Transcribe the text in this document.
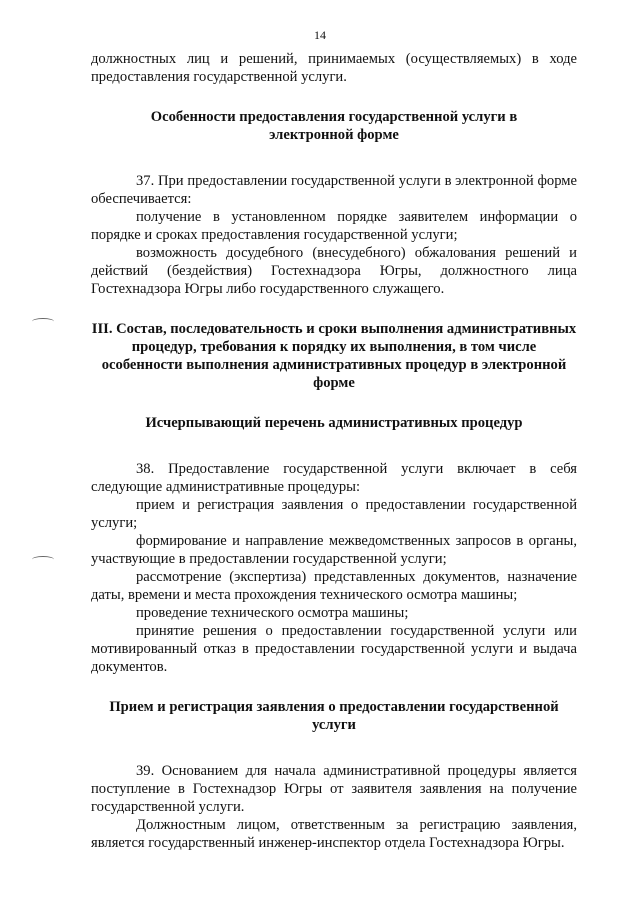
14

должностных лиц и решений, принимаемых (осуществляемых) в ходе предоставления государственной услуги.

Особенности предоставления государственной услуги в электронной форме

37. При предоставлении государственной услуги в электронной форме обеспечивается:

получение в установленном порядке заявителем информации о порядке и сроках предоставления государственной услуги;

возможность досудебного (внесудебного) обжалования решений и действий (бездействия) Гостехнадзора Югры, должностного лица Гостехнадзора Югры либо государственного служащего.

III. Состав, последовательность и сроки выполнения административных процедур, требования к порядку их выполнения, в том числе особенности выполнения административных процедур в электронной форме
Исчерпывающий перечень административных процедур

38. Предоставление государственной услуги включает в себя следующие административные процедуры:

прием и регистрация заявления о предоставлении государственной услуги;

формирование и направление межведомственных запросов в органы, участвующие в предоставлении государственной услуги;

рассмотрение (экспертиза) представленных документов, назначение даты, времени и места прохождения технического осмотра машины;

проведение технического осмотра машины;

принятие решения о предоставлении государственной услуги или мотивированный отказ в предоставлении государственной услуги и выдача документов.

Прием и регистрация заявления о предоставлении государственной услуги

39. Основанием для начала административной процедуры является поступление в Гостехнадзор Югры от заявителя заявления на получение государственной услуги.

Должностным лицом, ответственным за регистрацию заявления, является государственный инженер-инспектор отдела Гостехнадзора Югры.
